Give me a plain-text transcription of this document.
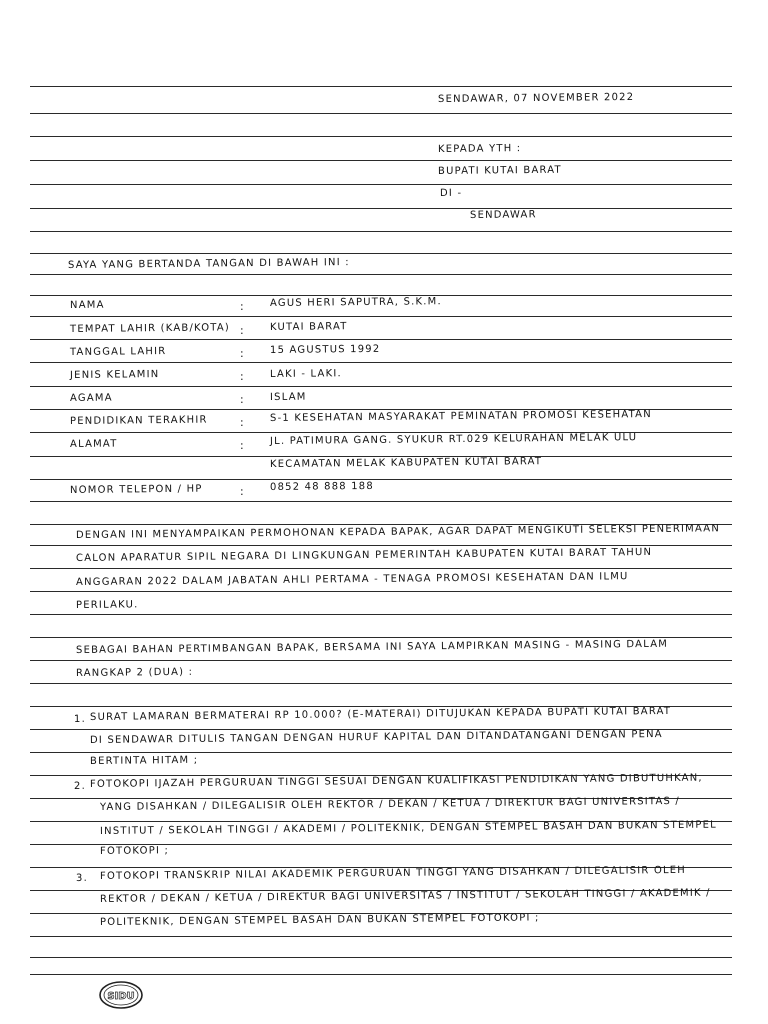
SENDAWAR, 07 NOVEMBER 2022
KEPADA YTH :
BUPATI KUTAI BARAT
DI -
SENDAWAR
SAYA YANG BERTANDA TANGAN DI BAWAH INI :
NAMA	: AGUS HERI SAPUTRA, S.K.M.
TEMPAT LAHIR (KAB/KOTA) : KUTAI BARAT
TANGGAL LAHIR	: 15 AGUSTUS 1992
JENIS KELAMIN	: LAKI - LAKI.
AGAMA	: ISLAM
PENDIDIKAN TERAKHIR	: S-1 KESEHATAN MASYARAKAT PEMINATAN PROMOSI KESEHATAN
ALAMAT	: JL. PATIMURA GANG. SYUKUR RT.029 KELURAHAN MELAK ULU
KECAMATAN MELAK KABUPATEN KUTAI BARAT
NOMOR TELEPON / HP	: 0852 48 888 188
DENGAN INI MENYAMPAIKAN PERMOHONAN KEPADA BAPAK, AGAR DAPAT MENGIKUTI SELEKSI PENERIMAAN
CALON APARATUR SIPIL NEGARA DI LINGKUNGAN PEMERINTAH KABUPATEN KUTAI BARAT TAHUN
ANGGARAN 2022 DALAM JABATAN AHLI PERTAMA - TENAGA PROMOSI KESEHATAN DAN ILMU
PERILAKU.
SEBAGAI BAHAN PERTIMBANGAN BAPAK, BERSAMA INI SAYA LAMPIRKAN MASING - MASING DALAM
RANGKAP 2 (DUA) :
1. SURAT LAMARAN BERMATERAI RP 10.000? (E-MATERAI) DITUJUKAN KEPADA BUPATI KUTAI BARAT
DI SENDAWAR DITULIS TANGAN DENGAN HURUF KAPITAL DAN DITANDATANGANI DENGAN PENA
BERTINTA HITAM ;
2. FOTOKOPI IJAZAH PERGURUAN TINGGI SESUAI DENGAN KUALIFIKASI PENDIDIKAN YANG DIBUTUHKAN,
YANG DISAHKAN / DILEGALISIR OLEH REKTOR / DEKAN / KETUA / DIREKTUR BAGI UNIVERSITAS /
INSTITUT / SEKOLAH TINGGI / AKADEMI / POLITEKNIK, DENGAN STEMPEL BASAH DAN BUKAN STEMPEL
FOTOKOPI ;
3. FOTOKOPI TRANSKRIP NILAI AKADEMIK PERGURUAN TINGGI YANG DISAHKAN / DILEGALISIR OLEH
REKTOR / DEKAN / KETUA / DIREKTUR BAGI UNIVERSITAS / INSTITUT / SEKOLAH TINGGI / AKADEMIK /
POLITEKNIK, DENGAN STEMPEL BASAH DAN BUKAN STEMPEL FOTOKOPI ;
SIDU
